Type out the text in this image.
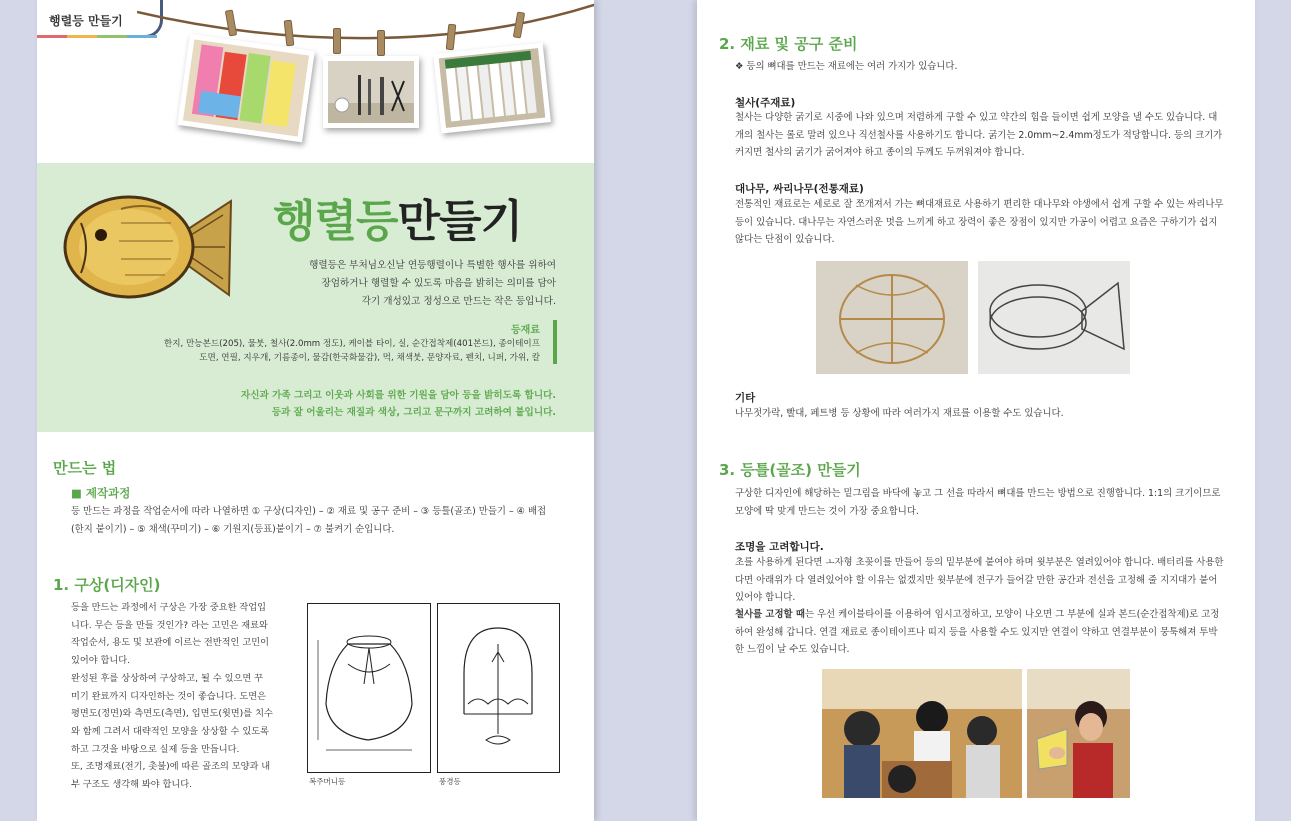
행렬등 만들기
행렬등만들기
행렬등은 부처님오신날 연등행렬이나 특별한 행사를 위하여
장엄하거나 행렬할 수 있도록 마음을 밝히는 의미를 담아
각기 개성있고 정성으로 만드는 작은 등입니다.
등재료
한지, 만능본드(205), 물붓, 철사(2.0mm 정도), 케이블 타이, 실, 순간접착제(401본드), 종이테이프
도면, 연필, 지우개, 기름종이, 물감(한국화물감), 먹, 채색붓, 문양자료, 펜치, 니퍼, 가위, 칼
자신과 가족 그리고 이웃과 사회를 위한 기원을 담아 등을 밝히도록 합니다.
등과 잘 어울리는 재질과 색상, 그리고 문구까지 고려하여 붙입니다.
만드는 법
■ 제작과정
등 만드는 과정을 작업순서에 따라 나열하면 ① 구상(디자인) – ② 재료 및 공구 준비 – ③ 등틀(골조) 만들기 – ④ 배접
(한지 붙이기) – ⑤ 채색(꾸미기) – ⑥ 기원지(등표)붙이기 – ⑦ 불켜기 순입니다.
1. 구상(디자인)
등을 만드는 과정에서 구상은 가장 중요한 작업입
니다. 무슨 등을 만들 것인가? 라는 고민은 재료와
작업순서, 용도 및 보관에 이르는 전반적인 고민이
있어야 합니다.
완성된 후를 상상하여 구상하고, 될 수 있으면 꾸
미기 완료까지 디자인하는 것이 좋습니다. 도면은
평면도(정면)와 측면도(측면), 입면도(윗면)를 치수
와 함께 그려서 대략적인 모양을 상상할 수 있도록
하고 그것을 바탕으로 실제 등을 만듭니다.
또, 조명재료(전기, 촛불)에 따른 골조의 모양과 내
부 구조도 생각해 봐야 합니다.	복주머니등	풍경등
2. 재료 및 공구 준비
❖ 등의 뼈대를 만드는 재료에는 여러 가지가 있습니다.
철사(주재료)
철사는 다양한 굵기로 시중에 나와 있으며 저렴하게 구할 수 있고 약간의 힘을 들이면 쉽게 모양을 낼 수도 있습니다. 대
개의 철사는 롤로 말려 있으나 직선철사를 사용하기도 합니다. 굵기는 2.0mm~2.4mm정도가 적당합니다. 등의 크기가
커지면 철사의 굵기가 굵어져야 하고 종이의 두께도 두꺼워져야 합니다.
대나무, 싸리나무(전통재료)
전통적인 재료로는 세로로 잘 쪼개져서 가는 뼈대재료로 사용하기 편리한 대나무와 야생에서 쉽게 구할 수 있는 싸리나무
등이 있습니다. 대나무는 자연스러운 멋을 느끼게 하고 장력이 좋은 장점이 있지만 가공이 어렵고 요즘은 구하기가 쉽지
않다는 단점이 있습니다.
기타
나무젓가락, 빨대, 페트병 등 상황에 따라 여러가지 재료를 이용할 수도 있습니다.
3. 등틀(골조) 만들기
구상한 디자인에 해당하는 밑그림을 바닥에 놓고 그 선을 따라서 뼈대를 만드는 방법으로 진행합니다. 1:1의 크기이므로
모양에 딱 맞게 만드는 것이 가장 중요합니다.
조명을 고려합니다.
초를 사용하게 된다면 ㅗ자형 초꽂이를 만들어 등의 밑부분에 붙여야 하며 윗부분은 열려있어야 합니다. 배터리를 사용한
다면 아래위가 다 열려있어야 할 이유는 없겠지만 윗부분에 전구가 들어갈 만한 공간과 전선을 고정해 줄 지지대가 붙어
있어야 합니다.
철사를 고정할 때는 우선 케이블타이를 이용하여 임시고정하고, 모양이 나오면 그 부분에 실과 본드(순간접착제)로 고정
하여 완성해 갑니다. 연결 재료로 종이테이프나 띠지 등을 사용할 수도 있지만 연결이 약하고 연결부분이 뭉툭해져 투박
한 느낌이 날 수도 있습니다.
